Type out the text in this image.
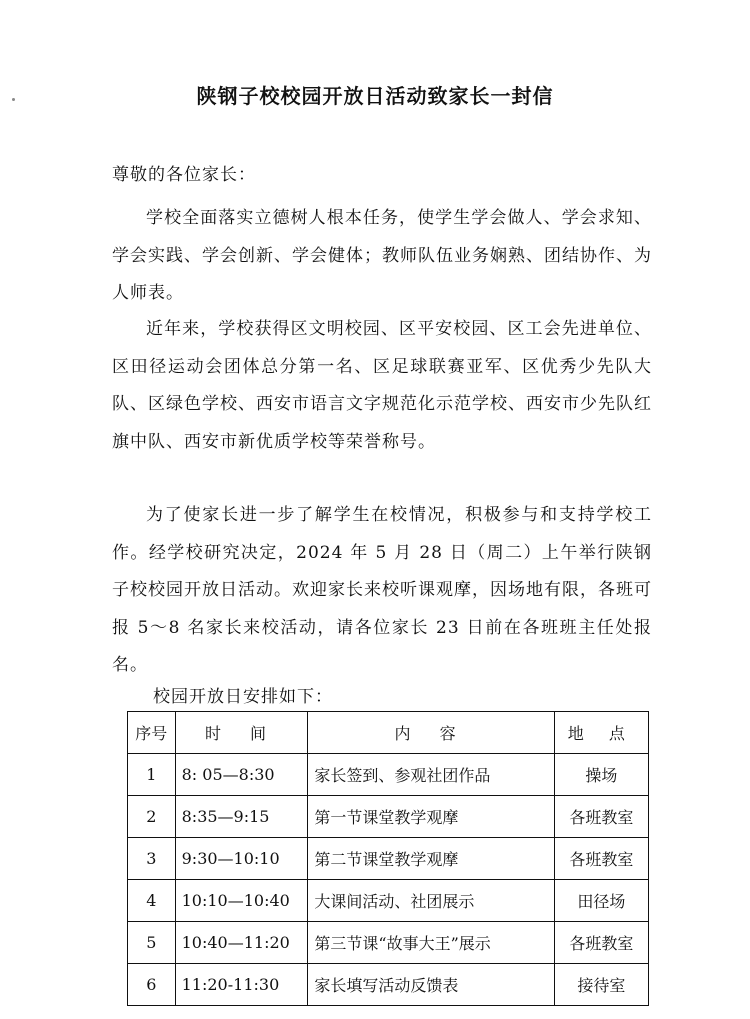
陕钢子校校园开放日活动致家长一封信
尊敬的各位家长：
学校全面落实立德树人根本任务，使学生学会做人、学会求知、学会实践、学会创新、学会健体；教师队伍业务娴熟、团结协作、为人师表。
近年来，学校获得区文明校园、区平安校园、区工会先进单位、区田径运动会团体总分第一名、区足球联赛亚军、区优秀少先队大队、区绿色学校、西安市语言文字规范化示范学校、西安市少先队红旗中队、西安市新优质学校等荣誉称号。
为了使家长进一步了解学生在校情况，积极参与和支持学校工作。经学校研究决定，2024 年 5 月 28 日（周二）上午举行陕钢子校校园开放日活动。欢迎家长来校听课观摩，因场地有限，各班可报 5～8 名家长来校活动，请各位家长 23 日前在各班班主任处报名。
校园开放日安排如下：
序号	时 间	内 容	地 点
1	8: 05—8:30	家长签到、参观社团作品	操场
2	8:35—9:15	第一节课堂教学观摩	各班教室
3	9:30—10:10	第二节课堂教学观摩	各班教室
4	10:10—10:40	大课间活动、社团展示	田径场
5	10:40—11:20	第三节课“故事大王”展示	各班教室
6	11:20-11:30	家长填写活动反馈表	接待室
